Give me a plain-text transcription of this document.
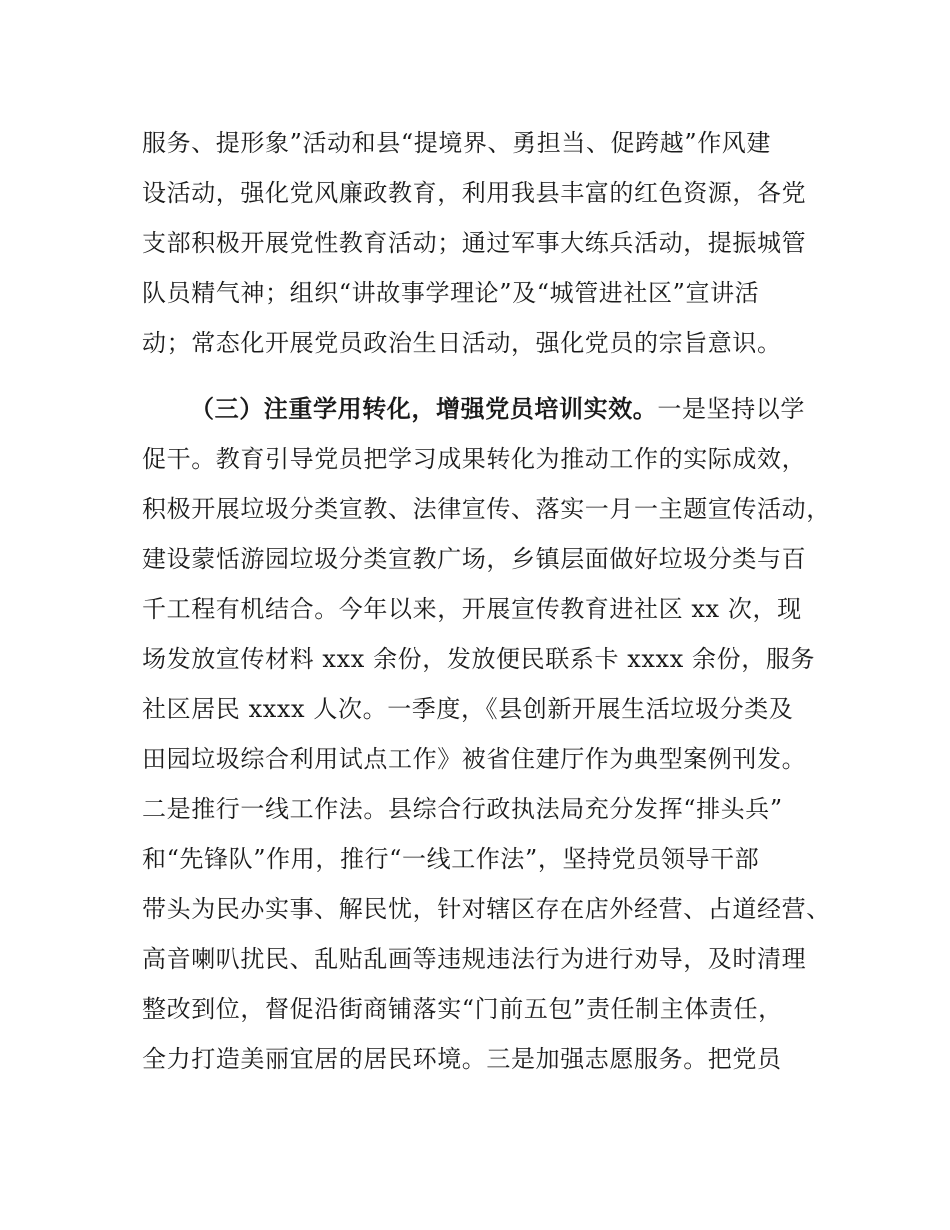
服务、提形象”活动和县“提境界、勇担当、促跨越”作风建
设活动，强化党风廉政教育，利用我县丰富的红色资源，各党
支部积极开展党性教育活动；通过军事大练兵活动，提振城管
队员精气神；组织“讲故事学理论”及“城管进社区”宣讲活
动；常态化开展党员政治生日活动，强化党员的宗旨意识。
（三）注重学用转化，增强党员培训实效。一是坚持以学
促干。教育引导党员把学习成果转化为推动工作的实际成效，
积极开展垃圾分类宣教、法律宣传、落实一月一主题宣传活动，
建设蒙恬游园垃圾分类宣教广场，乡镇层面做好垃圾分类与百
千工程有机结合。今年以来，开展宣传教育进社区 xx 次，现
场发放宣传材料 xxx 余份，发放便民联系卡 xxxx 余份，服务
社区居民 xxxx 人次。一季度，《县创新开展生活垃圾分类及
田园垃圾综合利用试点工作》被省住建厅作为典型案例刊发。
二是推行一线工作法。县综合行政执法局充分发挥“排头兵”
和“先锋队”作用，推行“一线工作法”，坚持党员领导干部
带头为民办实事、解民忧，针对辖区存在店外经营、占道经营、
高音喇叭扰民、乱贴乱画等违规违法行为进行劝导，及时清理
整改到位，督促沿街商铺落实“门前五包”责任制主体责任，
全力打造美丽宜居的居民环境。三是加强志愿服务。把党员
